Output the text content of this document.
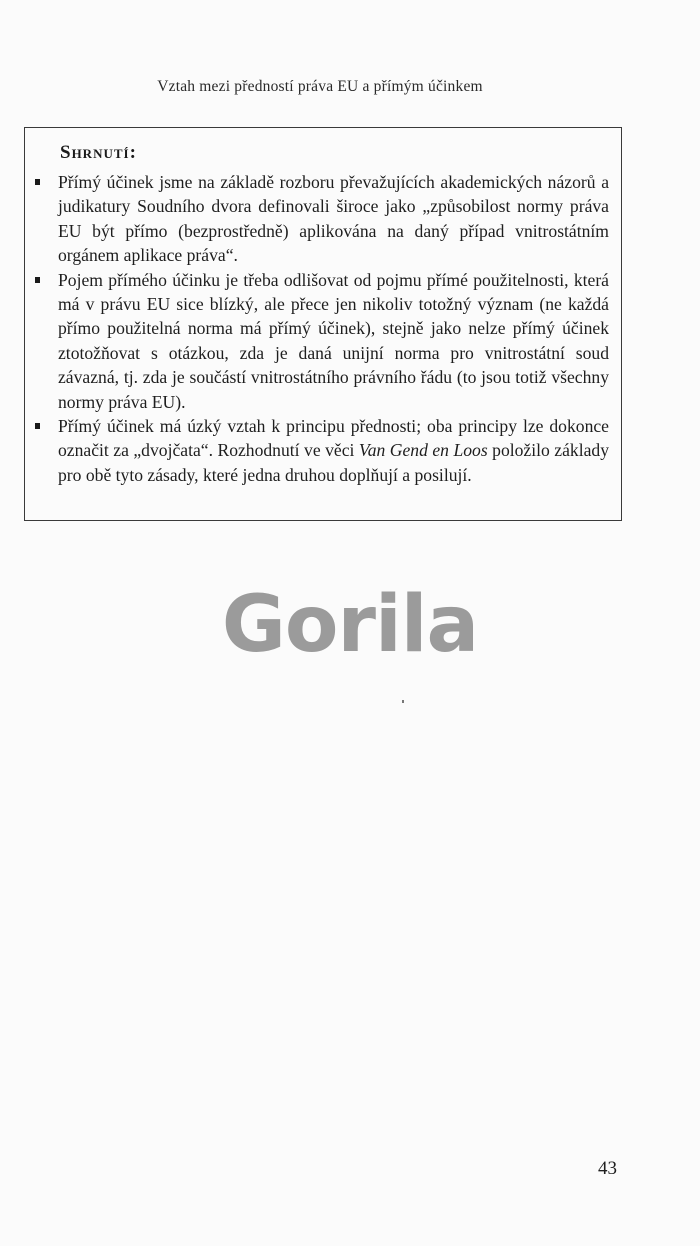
Vztah mezi předností práva EU a přímým účinkem
Shrnutí:
Přímý účinek jsme na základě rozboru převažujících akademických názorů a judikatury Soudního dvora definovali široce jako „způsobilost normy práva EU být přímo (bezprostředně) aplikována na daný případ vnitrostátním orgánem aplikace práva“.
Pojem přímého účinku je třeba odlišovat od pojmu přímé použitelnosti, která má v právu EU sice blízký, ale přece jen nikoliv totožný význam (ne každá přímo použitelná norma má přímý účinek), stejně jako nelze přímý účinek ztotožňovat s otázkou, zda je daná unijní norma pro vnitrostátní soud závazná, tj. zda je součástí vnitrostátního právního řádu (to jsou totiž všechny normy práva EU).
Přímý účinek má úzký vztah k principu přednosti; oba principy lze dokonce označit za „dvojčata“. Rozhodnutí ve věci Van Gend en Loos položilo základy pro obě tyto zásady, které jedna druhou doplňují a posilují.
Gorila
43
